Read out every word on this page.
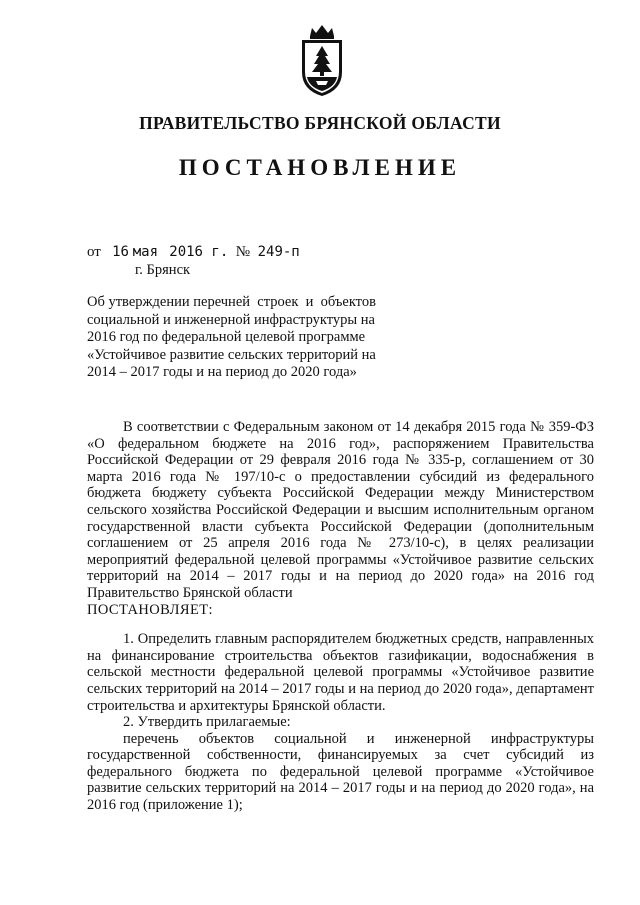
ПРАВИТЕЛЬСТВО БРЯНСКОЙ ОБЛАСТИ
ПОСТАНОВЛЕНИЕ
от 16 мая 2016 г. № 249-п
г. Брянск
Об утверждении перечней  строек  и  объектов
социальной и инженерной инфраструктуры на
2016 год по федеральной целевой программе
«Устойчивое развитие сельских территорий на
2014 – 2017 годы и на период до 2020 года»

В соответствии с Федеральным законом от 14 декабря 2015 года № 359-ФЗ «О федеральном бюджете на 2016 год», распоряжением Правительства Российской Федерации от 29 февраля 2016 года № 335-р, соглашением от 30 марта 2016 года № 197/10-с о предоставлении субсидий из федерального бюджета бюджету субъекта Российской Федерации между Министерством сельского хозяйства Российской Федерации и высшим исполнительным органом государственной власти субъекта Российской Федерации (дополнительным соглашением от 25 апреля 2016 года № 273/10-с), в целях реализации мероприятий федеральной целевой программы «Устойчивое развитие сельских территорий на 2014 – 2017 годы и на период до 2020 года» на 2016 год Правительство Брянской области

ПОСТАНОВЛЯЕТ:

1. Определить главным распорядителем бюджетных средств, направленных на финансирование строительства объектов газификации, водоснабжения в сельской местности федеральной целевой программы «Устойчивое развитие сельских территорий на 2014 – 2017 годы и на период до 2020 года», департамент строительства и архитектуры Брянской области.

2. Утвердить прилагаемые:

перечень объектов социальной и инженерной инфраструктуры государственной собственности, финансируемых за счет субсидий из федерального бюджета по федеральной целевой программе «Устойчивое развитие сельских территорий на 2014 – 2017 годы и на период до 2020 года», на 2016 год (приложение 1);
